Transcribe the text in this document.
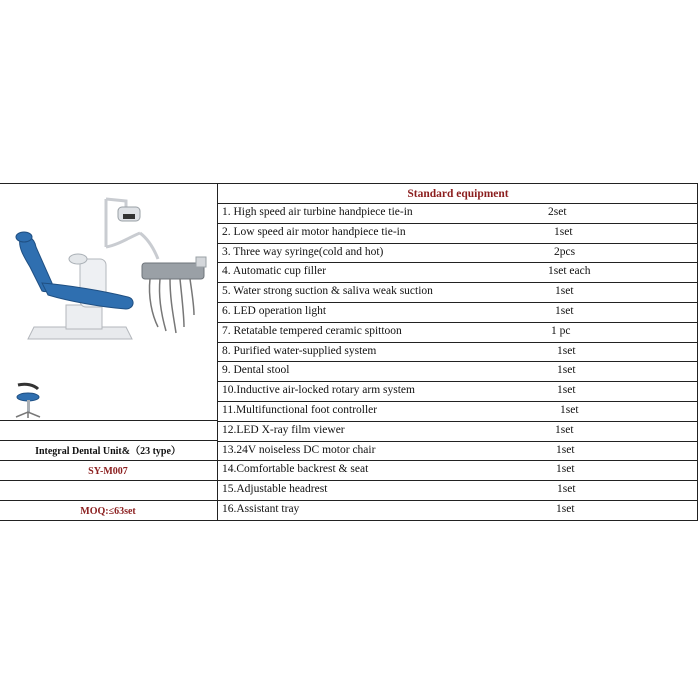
Integral Dental Unit&（23 type）
SY-M007
MOQ:≤63set
Standard equipment
1. High speed air turbine handpiece tie-in	2set
2. Low speed air motor handpiece tie-in	1set
3. Three way syringe(cold and hot)	2pcs
4. Automatic cup filler	1set each
5. Water strong suction & saliva weak suction	1set
6. LED operation light	1set
7. Retatable tempered ceramic spittoon	1 pc
8. Purified water-supplied system	1set
9. Dental stool	1set
10.Inductive air-locked rotary arm system	1set
11.Multifunctional foot controller	1set
12.LED X-ray film viewer	1set
13.24V noiseless DC motor chair	1set
14.Comfortable backrest & seat	1set
15.Adjustable headrest	1set
16.Assistant tray	1set
